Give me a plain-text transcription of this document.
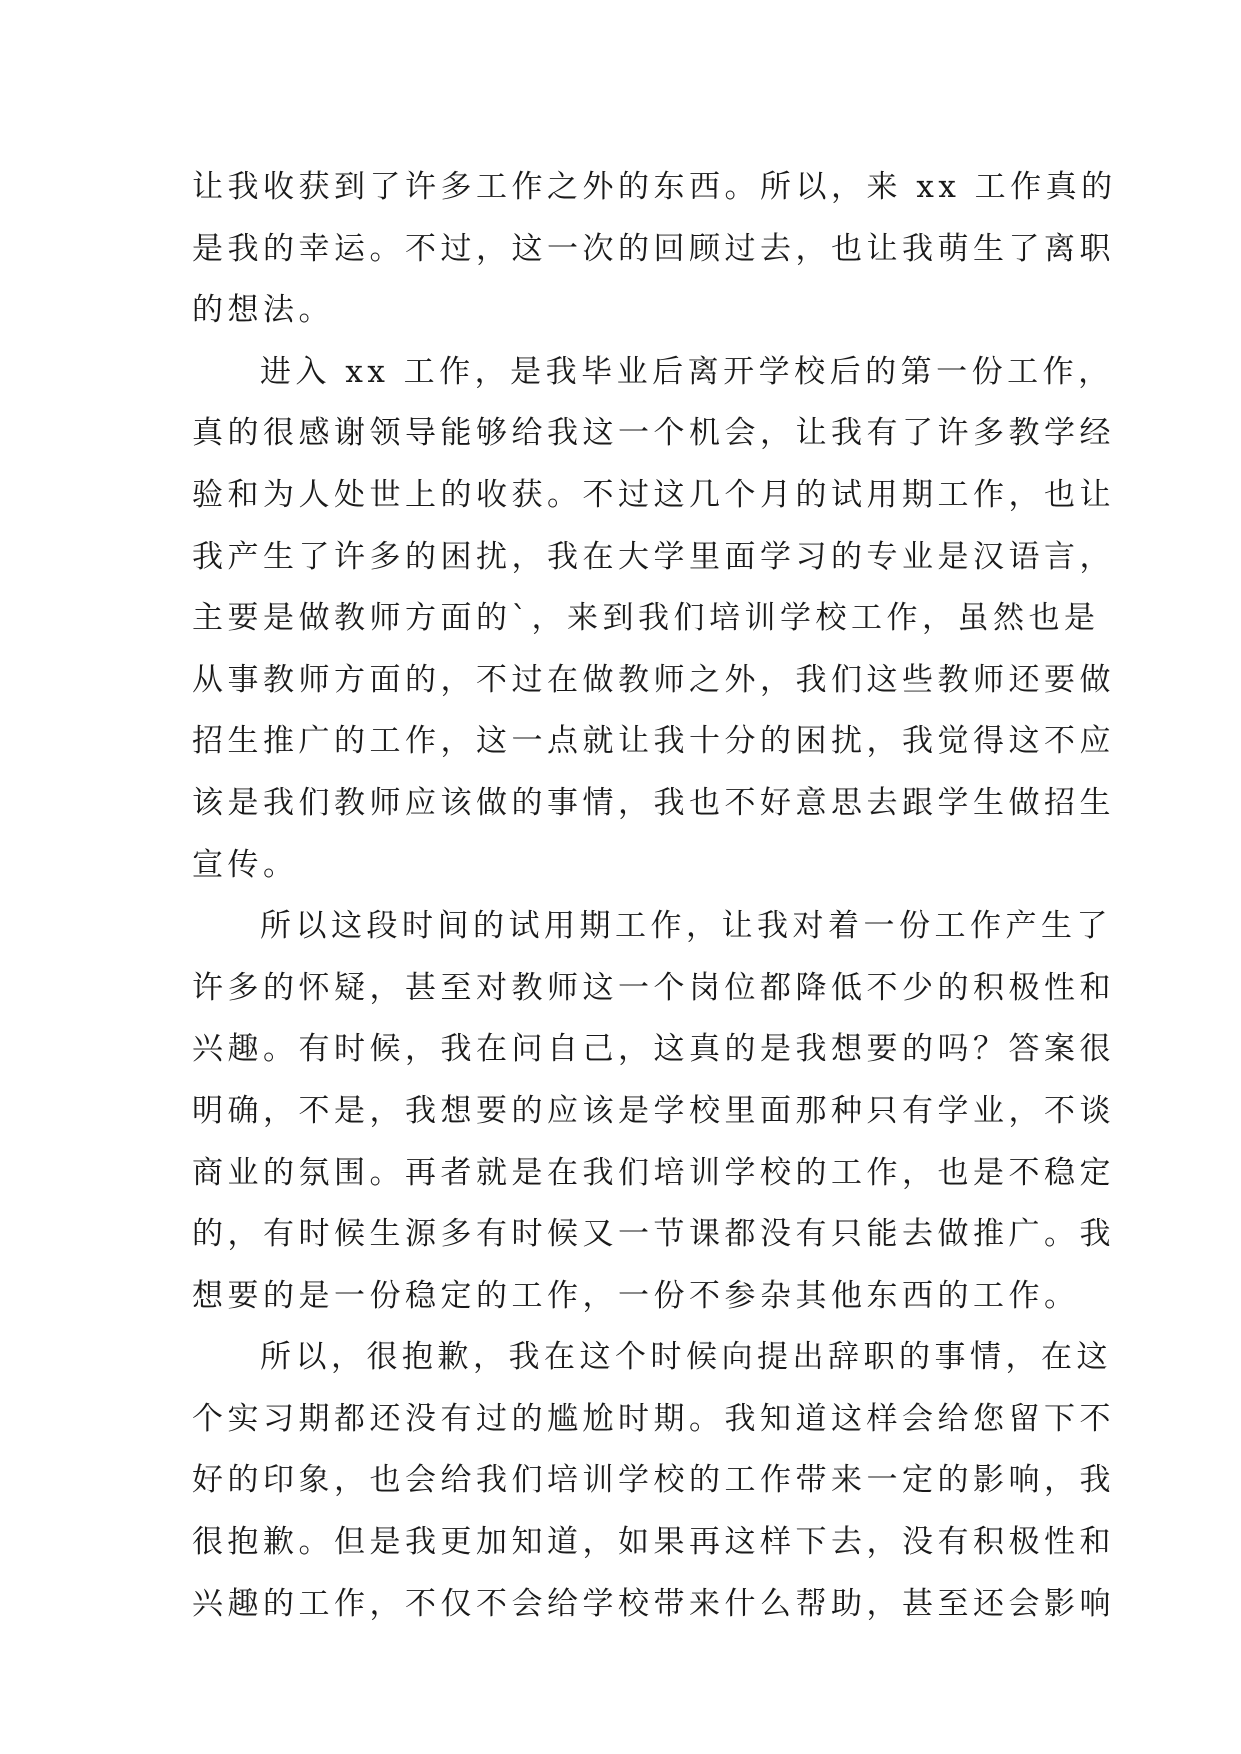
让我收获到了许多工作之外的东西。所以，来 xx 工作真的
是我的幸运。不过，这一次的回顾过去，也让我萌生了离职
的想法。
进入 xx 工作，是我毕业后离开学校后的第一份工作，
真的很感谢领导能够给我这一个机会，让我有了许多教学经
验和为人处世上的收获。不过这几个月的试用期工作，也让
我产生了许多的困扰，我在大学里面学习的专业是汉语言，
主要是做教师方面的`，来到我们培训学校工作，虽然也是
从事教师方面的，不过在做教师之外，我们这些教师还要做
招生推广的工作，这一点就让我十分的困扰，我觉得这不应
该是我们教师应该做的事情，我也不好意思去跟学生做招生
宣传。
所以这段时间的试用期工作，让我对着一份工作产生了
许多的怀疑，甚至对教师这一个岗位都降低不少的积极性和
兴趣。有时候，我在问自己，这真的是我想要的吗？答案很
明确，不是，我想要的应该是学校里面那种只有学业，不谈
商业的氛围。再者就是在我们培训学校的工作，也是不稳定
的，有时候生源多有时候又一节课都没有只能去做推广。我
想要的是一份稳定的工作，一份不参杂其他东西的工作。
所以，很抱歉，我在这个时候向提出辞职的事情，在这
个实习期都还没有过的尴尬时期。我知道这样会给您留下不
好的印象，也会给我们培训学校的工作带来一定的影响，我
很抱歉。但是我更加知道，如果再这样下去，没有积极性和
兴趣的工作，不仅不会给学校带来什么帮助，甚至还会影响
